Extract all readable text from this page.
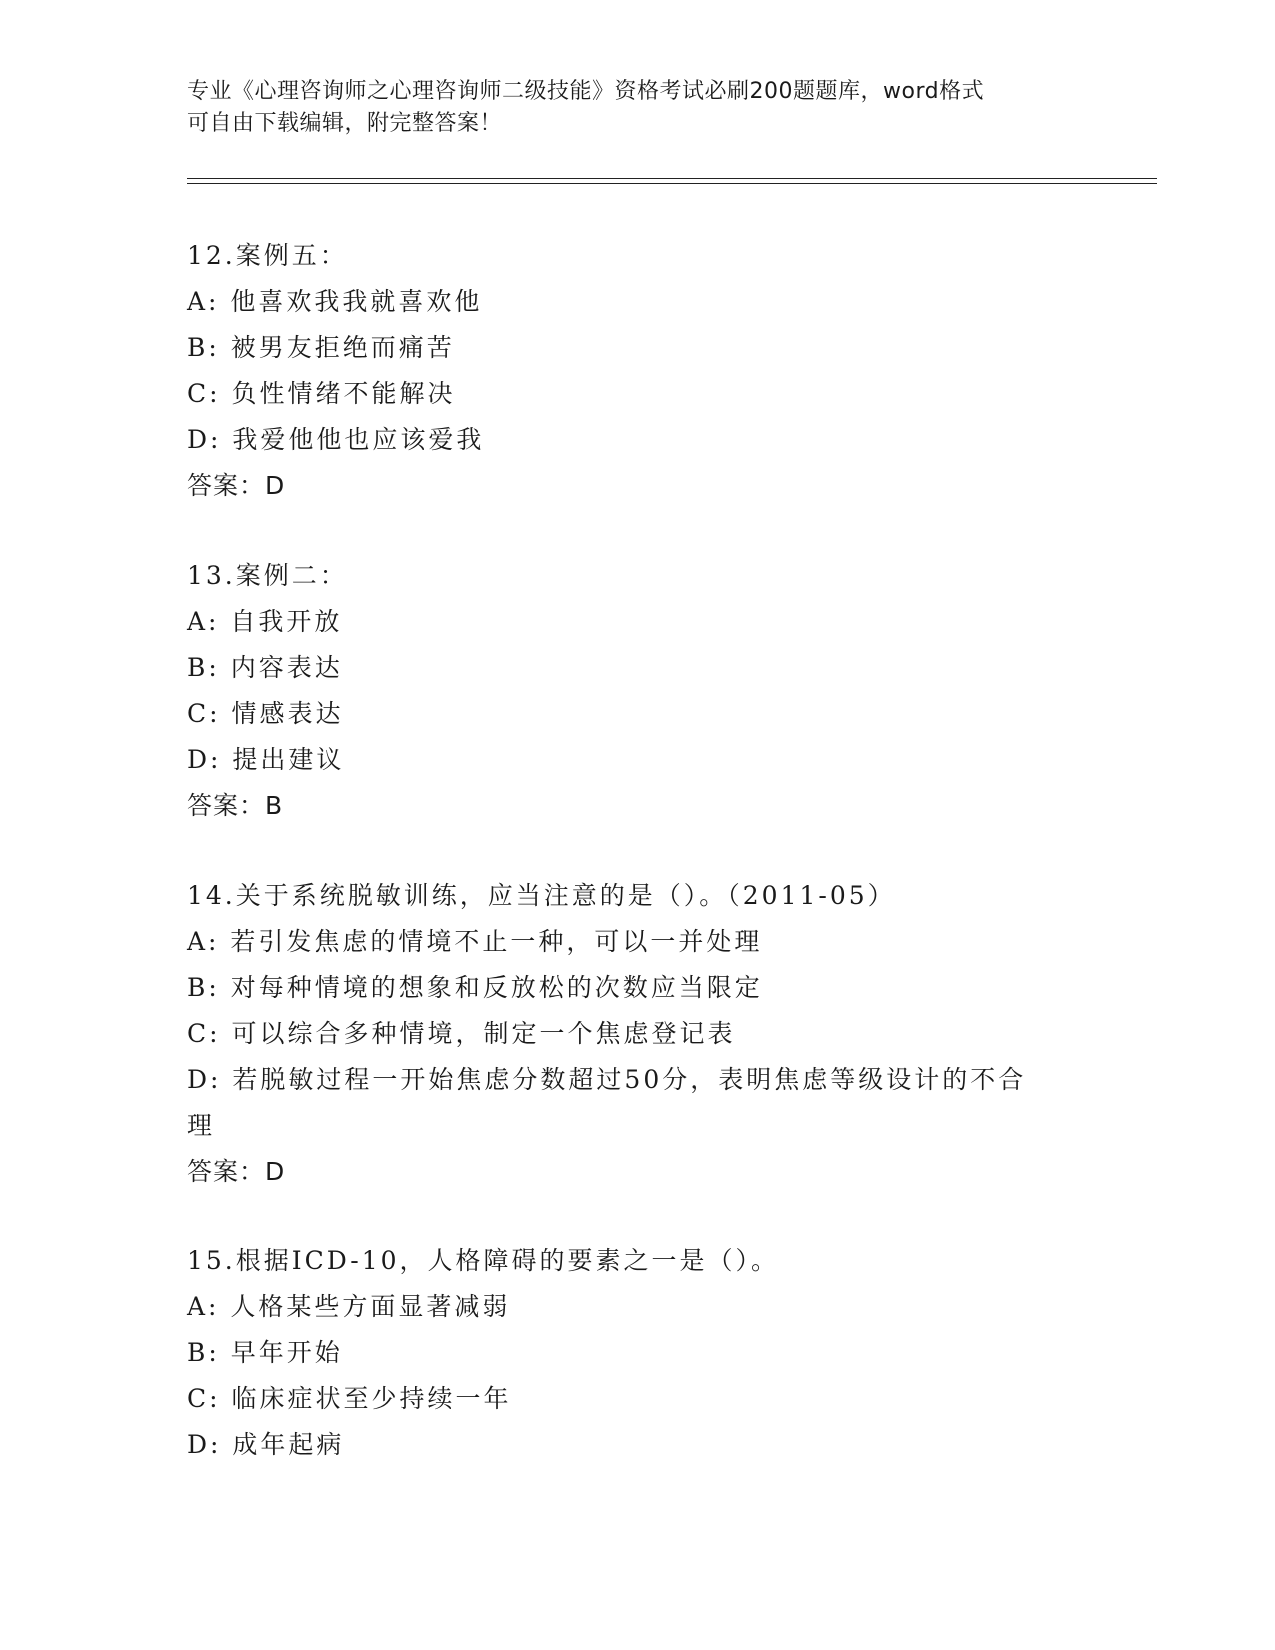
专业《心理咨询师之心理咨询师二级技能》资格考试必刷200题题库，word格式
可自由下载编辑，附完整答案！
12.案例五：
A: 他喜欢我我就喜欢他
B: 被男友拒绝而痛苦
C: 负性情绪不能解决
D: 我爱他他也应该爱我
答案：D
13.案例二：
A: 自我开放
B: 内容表达
C: 情感表达
D: 提出建议
答案：B
14.关于系统脱敏训练，应当注意的是（）。（2011-05）
A: 若引发焦虑的情境不止一种，可以一并处理
B: 对每种情境的想象和反放松的次数应当限定
C: 可以综合多种情境，制定一个焦虑登记表
D: 若脱敏过程一开始焦虑分数超过50分，表明焦虑等级设计的不合
理
答案：D
15.根据ICD-10，人格障碍的要素之一是（）。
A: 人格某些方面显著减弱
B: 早年开始
C: 临床症状至少持续一年
D: 成年起病
